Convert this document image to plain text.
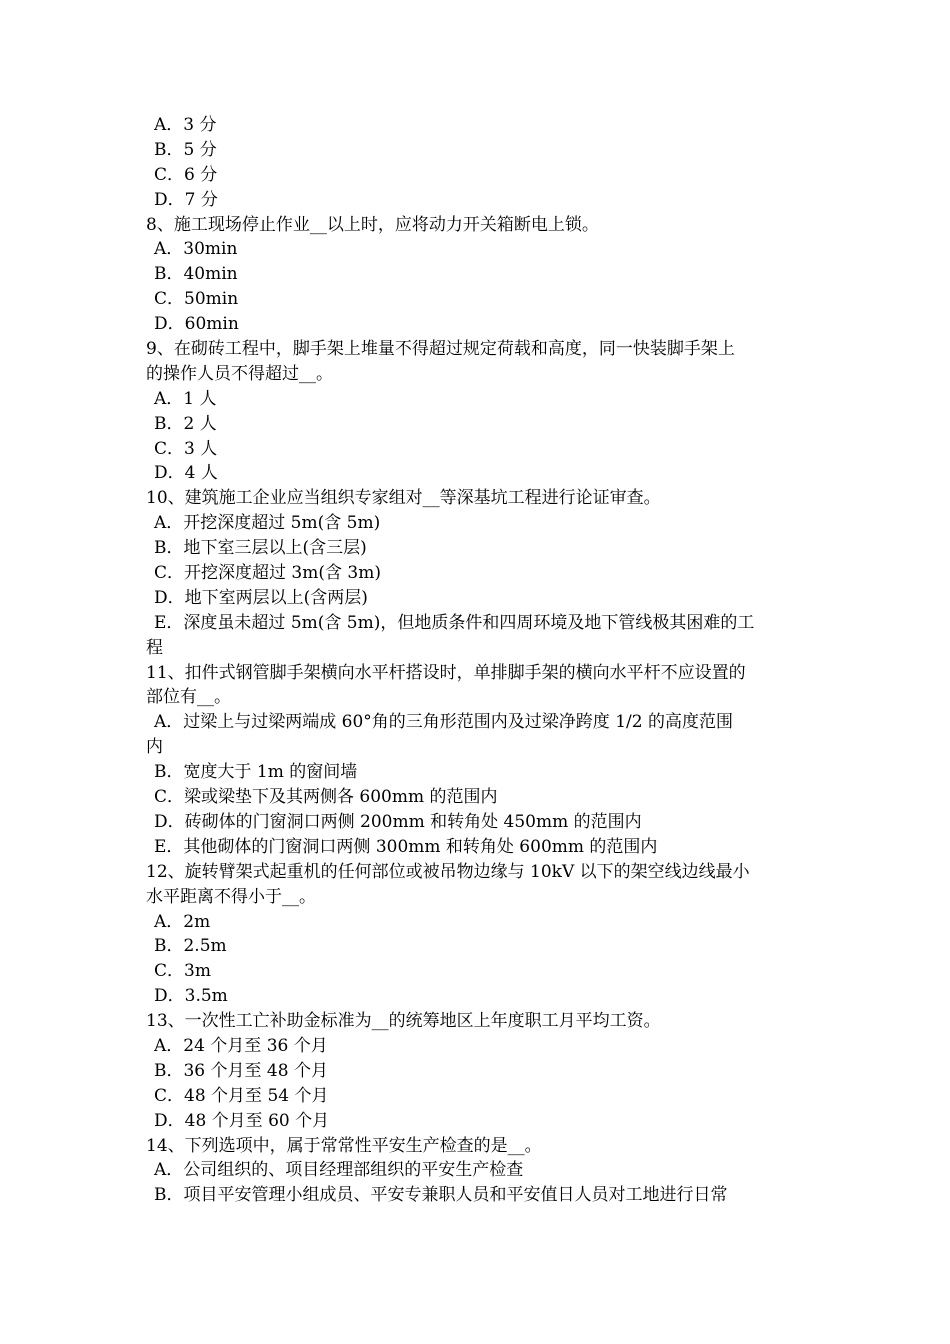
A．3 分
B．5 分
C．6 分
D．7 分
8、施工现场停止作业__以上时，应将动力开关箱断电上锁。
A．30min
B．40min
C．50min
D．60min
9、在砌砖工程中，脚手架上堆量不得超过规定荷载和高度，同一快装脚手架上
的操作人员不得超过__。
A．1 人
B．2 人
C．3 人
D．4 人
10、建筑施工企业应当组织专家组对__等深基坑工程进行论证审查。
A．开挖深度超过 5m(含 5m)
B．地下室三层以上(含三层)
C．开挖深度超过 3m(含 3m)
D．地下室两层以上(含两层)
E．深度虽未超过 5m(含 5m)，但地质条件和四周环境及地下管线极其困难的工
程
11、扣件式钢管脚手架横向水平杆搭设时，单排脚手架的横向水平杆不应设置的
部位有__。
A．过梁上与过梁两端成 60°角的三角形范围内及过梁净跨度 1/2 的高度范围
内
B．宽度大于 1m 的窗间墙
C．梁或梁垫下及其两侧各 600mm 的范围内
D．砖砌体的门窗洞口两侧 200mm 和转角处 450mm 的范围内
E．其他砌体的门窗洞口两侧 300mm 和转角处 600mm 的范围内
12、旋转臂架式起重机的任何部位或被吊物边缘与 10kV 以下的架空线边线最小
水平距离不得小于__。
A．2m
B．2.5m
C．3m
D．3.5m
13、一次性工亡补助金标准为__的统筹地区上年度职工月平均工资。
A．24 个月至 36 个月
B．36 个月至 48 个月
C．48 个月至 54 个月
D．48 个月至 60 个月
14、下列选项中，属于常常性平安生产检查的是__。
A．公司组织的、项目经理部组织的平安生产检查
B．项目平安管理小组成员、平安专兼职人员和平安值日人员对工地进行日常
